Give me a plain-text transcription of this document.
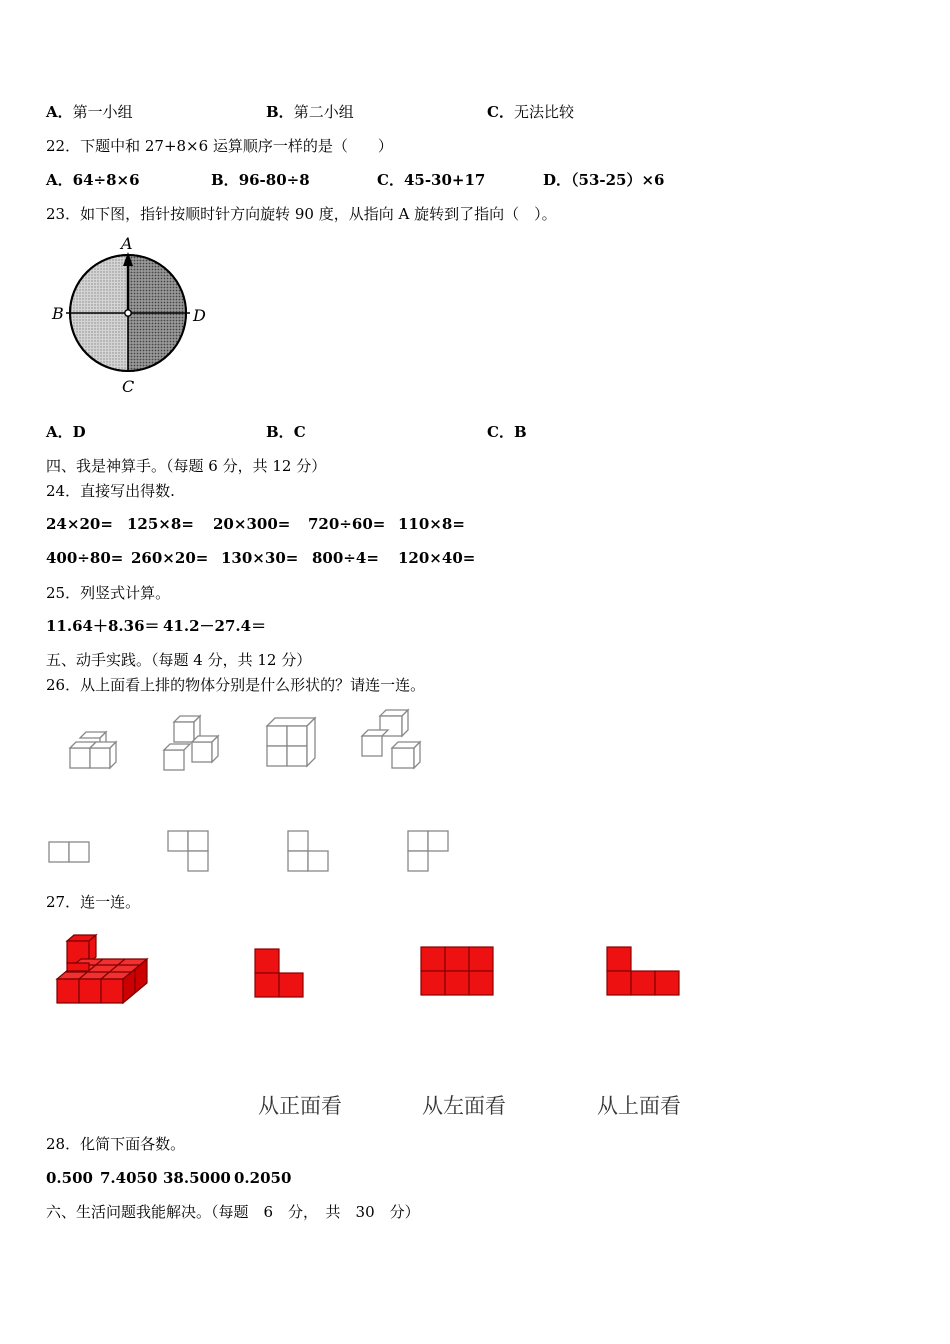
A．第一小组	B．第二小组	C．无法比较
22．下题中和 27+8×6 运算顺序一样的是（　　）
A．64÷8×6	B．96-80÷8	C．45-30+17	D．（53-25）×6
23．如下图，指针按顺时针方向旋转 90 度，从指向 A 旋转到了指向（　）。
A
B	D
C
A．D	B．C	C．B
四、我是神算手。（每题 6 分，共 12 分）
24．直接写出得数.
24×20= 125×8= 20×300= 720÷60= 110×8=
400÷80= 260×20= 130×30= 800÷4= 120×40=
25．列竖式计算。
11.64＋8.36＝ 41.2－27.4＝
五、动手实践。（每题 4 分，共 12 分）
26．从上面看上排的物体分别是什么形状的？请连一连。
27．连一连。
从正面看	从左面看	从上面看
28．化简下面各数。
0.500 7.4050 38.5000 0.2050
六、生活问题我能解决。（每题　6　分，　共　30　分）
